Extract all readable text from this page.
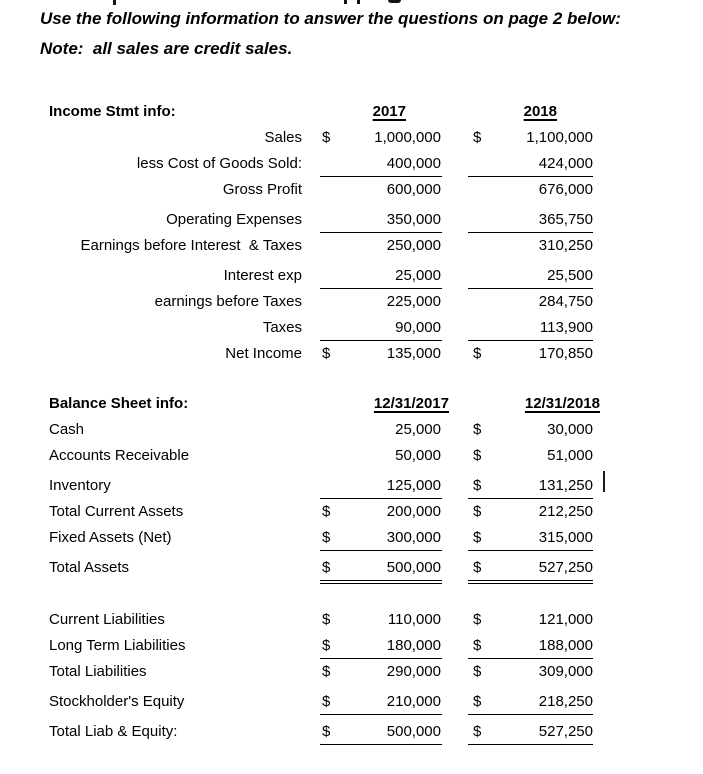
Use the following information to answer the questions on page 2 below:
Note:  all sales are credit sales.
Income Stmt info:	2017	2018
Sales $	1,000,000 $	1,100,000
less Cost of Goods Sold:	400,000	424,000
Gross Profit	600,000	676,000
Operating Expenses	350,000	365,750
Earnings before Interest  & Taxes	250,000	310,250
Interest exp	25,000	25,500
earnings before Taxes	225,000	284,750
Taxes	90,000	113,900
Net Income $	135,000 $	170,850
Balance Sheet info:	12/31/2017	12/31/2018
Cash	25,000 $	30,000
Accounts Receivable	50,000 $	51,000
Inventory	125,000 $	131,250
Total Current Assets	$	200,000 $	212,250
Fixed Assets (Net)	$	300,000 $	315,000
Total Assets	$	500,000 $	527,250
Current Liabilities	$	110,000 $	121,000
Long Term Liabilities	$	180,000 $	188,000
Total Liabilities	$	290,000 $	309,000
Stockholder's Equity	$	210,000 $	218,250
Total Liab & Equity:	$	500,000 $	527,250
